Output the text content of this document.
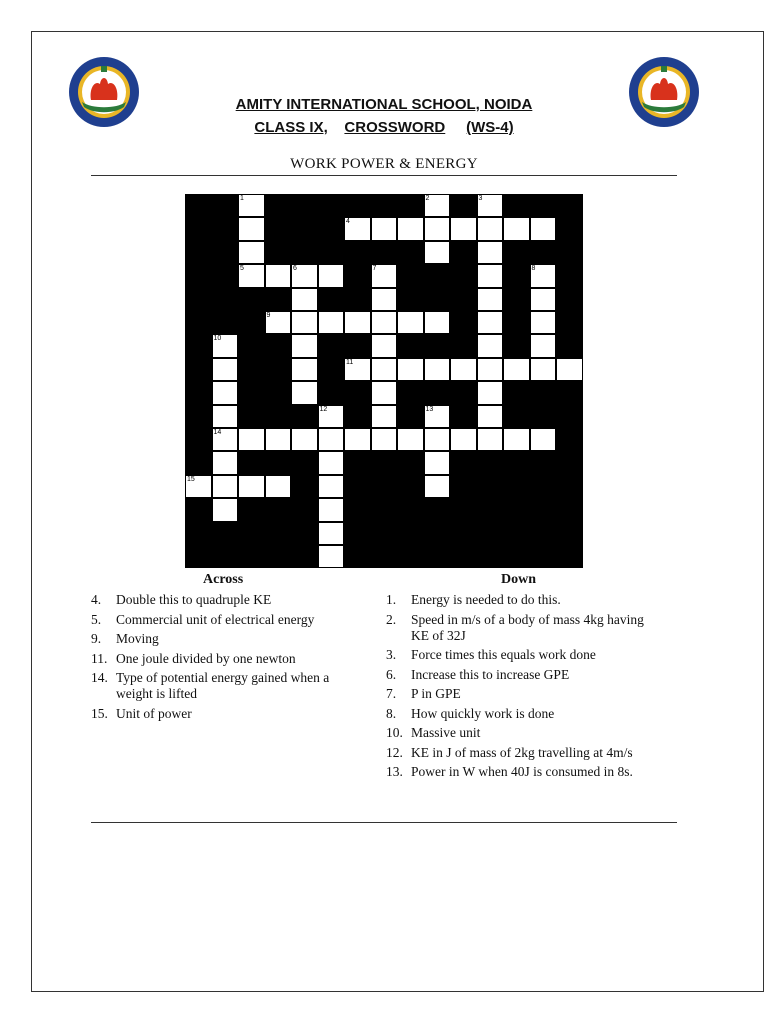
AMITY INTERNATIONAL SCHOOL, NOIDA
CLASS IX, CROSSWORD (WS-4)
WORK POWER & ENERGY
1
5
2	3
4
6	7	8
9
10
14
11
12	13
15
Across	Down
4. Double this to quadruple KE
5. Commercial unit of electrical energy
9. Moving
11. One joule divided by one newton
14. Type of potential energy gained when a weight is lifted
15. Unit of power
1. Energy is needed to do this.
2. Speed in m/s of a body of mass 4kg having KE of 32J
3. Force times this equals work done
6. Increase this to increase GPE
7. P in GPE
8. How quickly work is done
10. Massive unit
12. KE in J of mass of 2kg travelling at 4m/s
13. Power in W when 40J is consumed in 8s.
